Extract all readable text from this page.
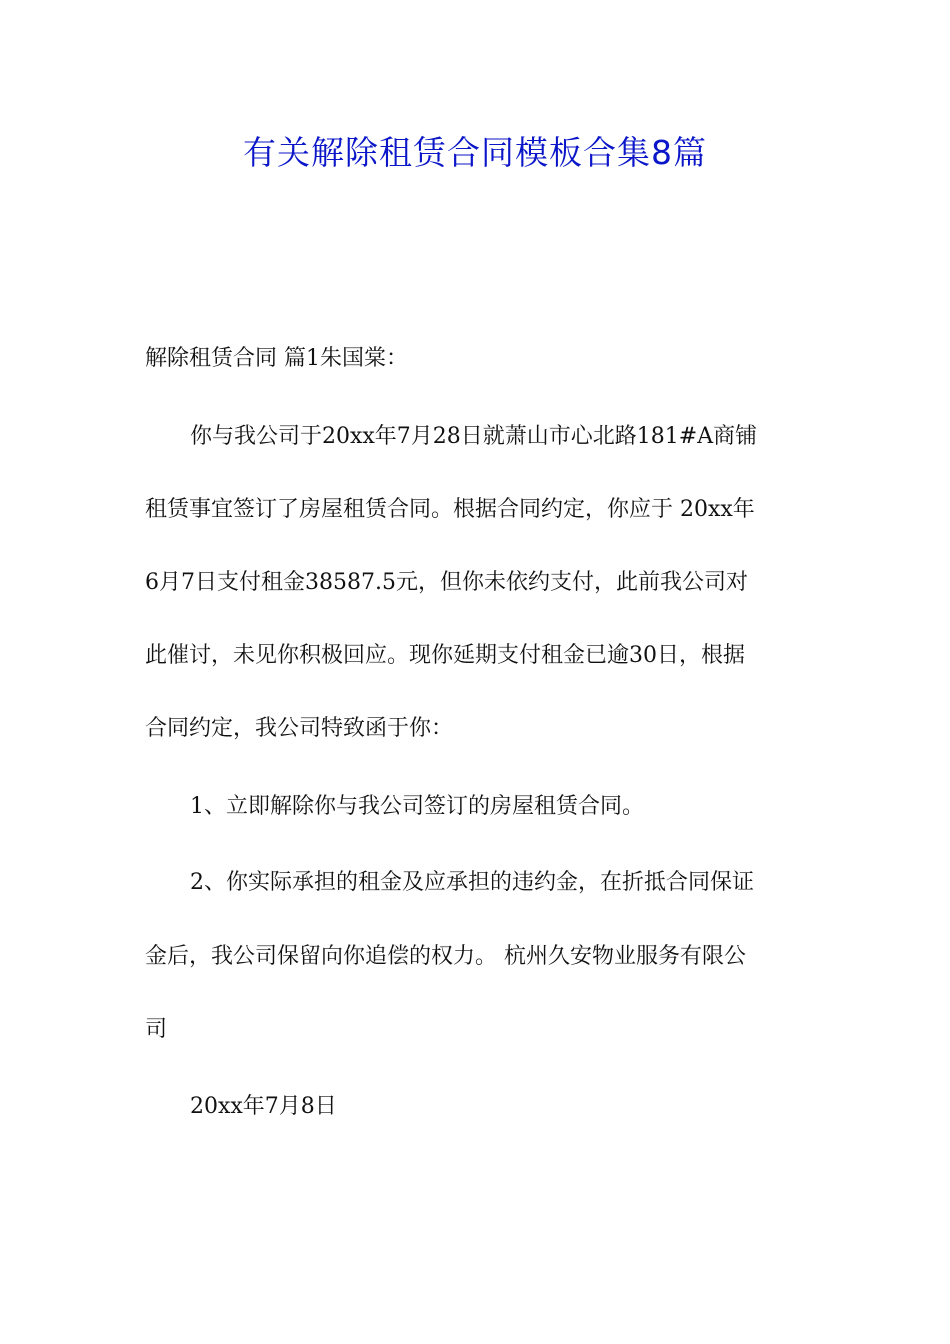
有关解除租赁合同模板合集8篇
解除租赁合同 篇1朱国棠：
你与我公司于20xx年7月28日就萧山市心北路181#A商铺
租赁事宜签订了房屋租赁合同。根据合同约定，你应于 20xx年
6月7日支付租金38587.5元，但你未依约支付，此前我公司对
此催讨，未见你积极回应。现你延期支付租金已逾30日，根据
合同约定，我公司特致函于你：
1、立即解除你与我公司签订的房屋租赁合同。
2、你实际承担的租金及应承担的违约金，在折抵合同保证
金后，我公司保留向你追偿的权力。 杭州久安物业服务有限公
司
20xx年7月8日
